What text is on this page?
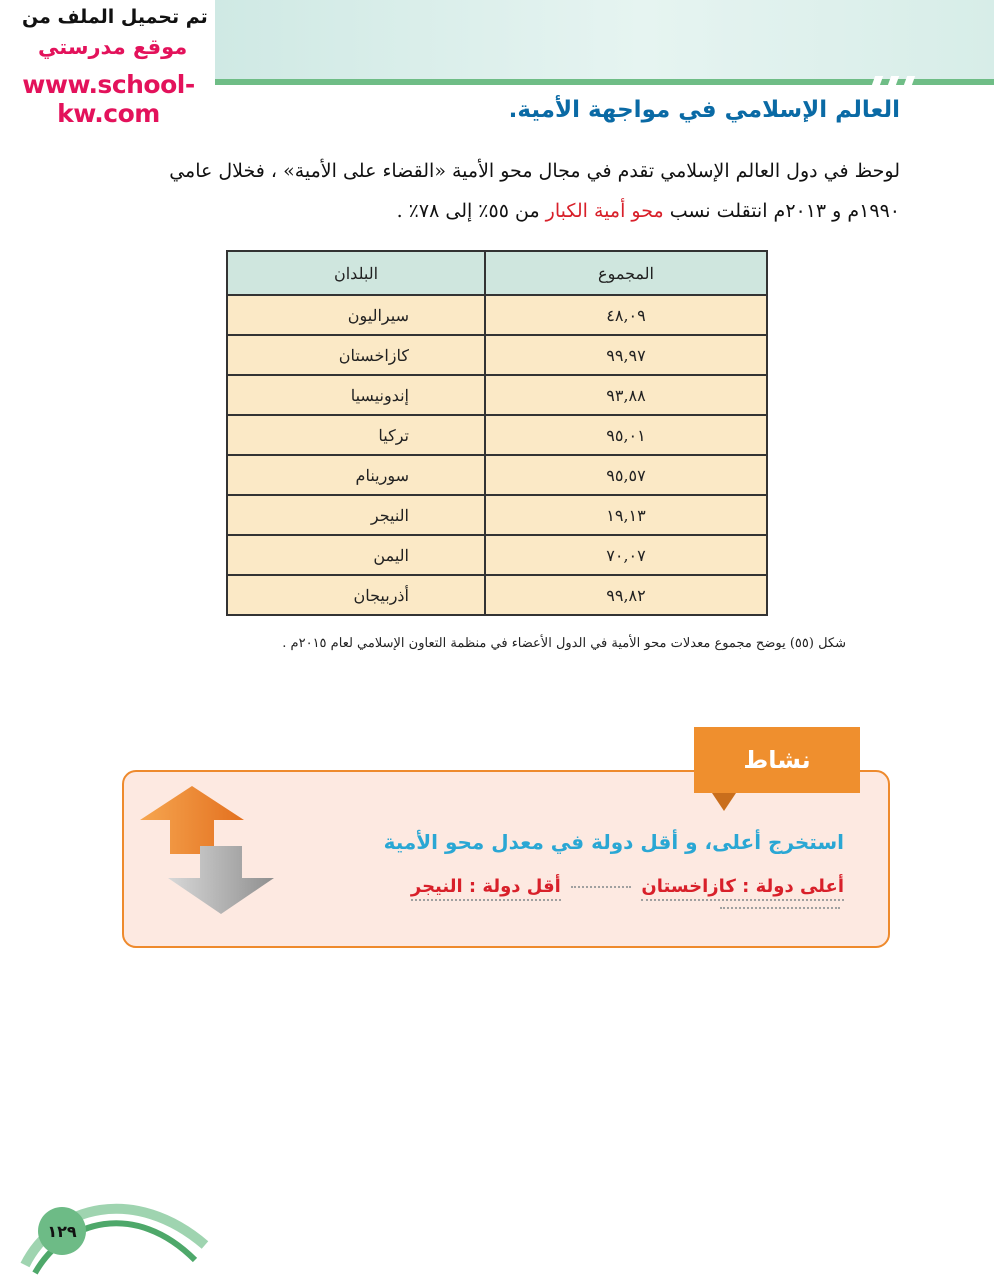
تم تحميل الملف من
موقع مدرستي
www.school-kw.com	العالم الإسلامي في مواجهة الأمية.
لوحظ في دول العالم الإسلامي تقدم في مجال محو الأمية «القضاء على الأمية» ، فخلال عامي
١٩٩٠م و ٢٠١٣م انتقلت نسب محو أمية الكبار من ٥٥٪ إلى ٧٨٪ .
البلدان	المجموع
سيراليون	٤٨,٠٩
كازاخستان	٩٩,٩٧
إندونيسيا	٩٣,٨٨
تركيا	٩٥,٠١
سورينام	٩٥,٥٧
النيجر	١٩,١٣
اليمن	٧٠,٠٧
أذربيجان	٩٩,٨٢
شكل (٥٥) يوضح مجموع معدلات محو الأمية في الدول الأعضاء في منظمة التعاون الإسلامي لعام ٢٠١٥م .
نشاط
استخرج أعلى، و أقل دولة في معدل محو الأمية
أعلى دولة : كازاخستان  أقل دولة : النيجر
١٢٩
